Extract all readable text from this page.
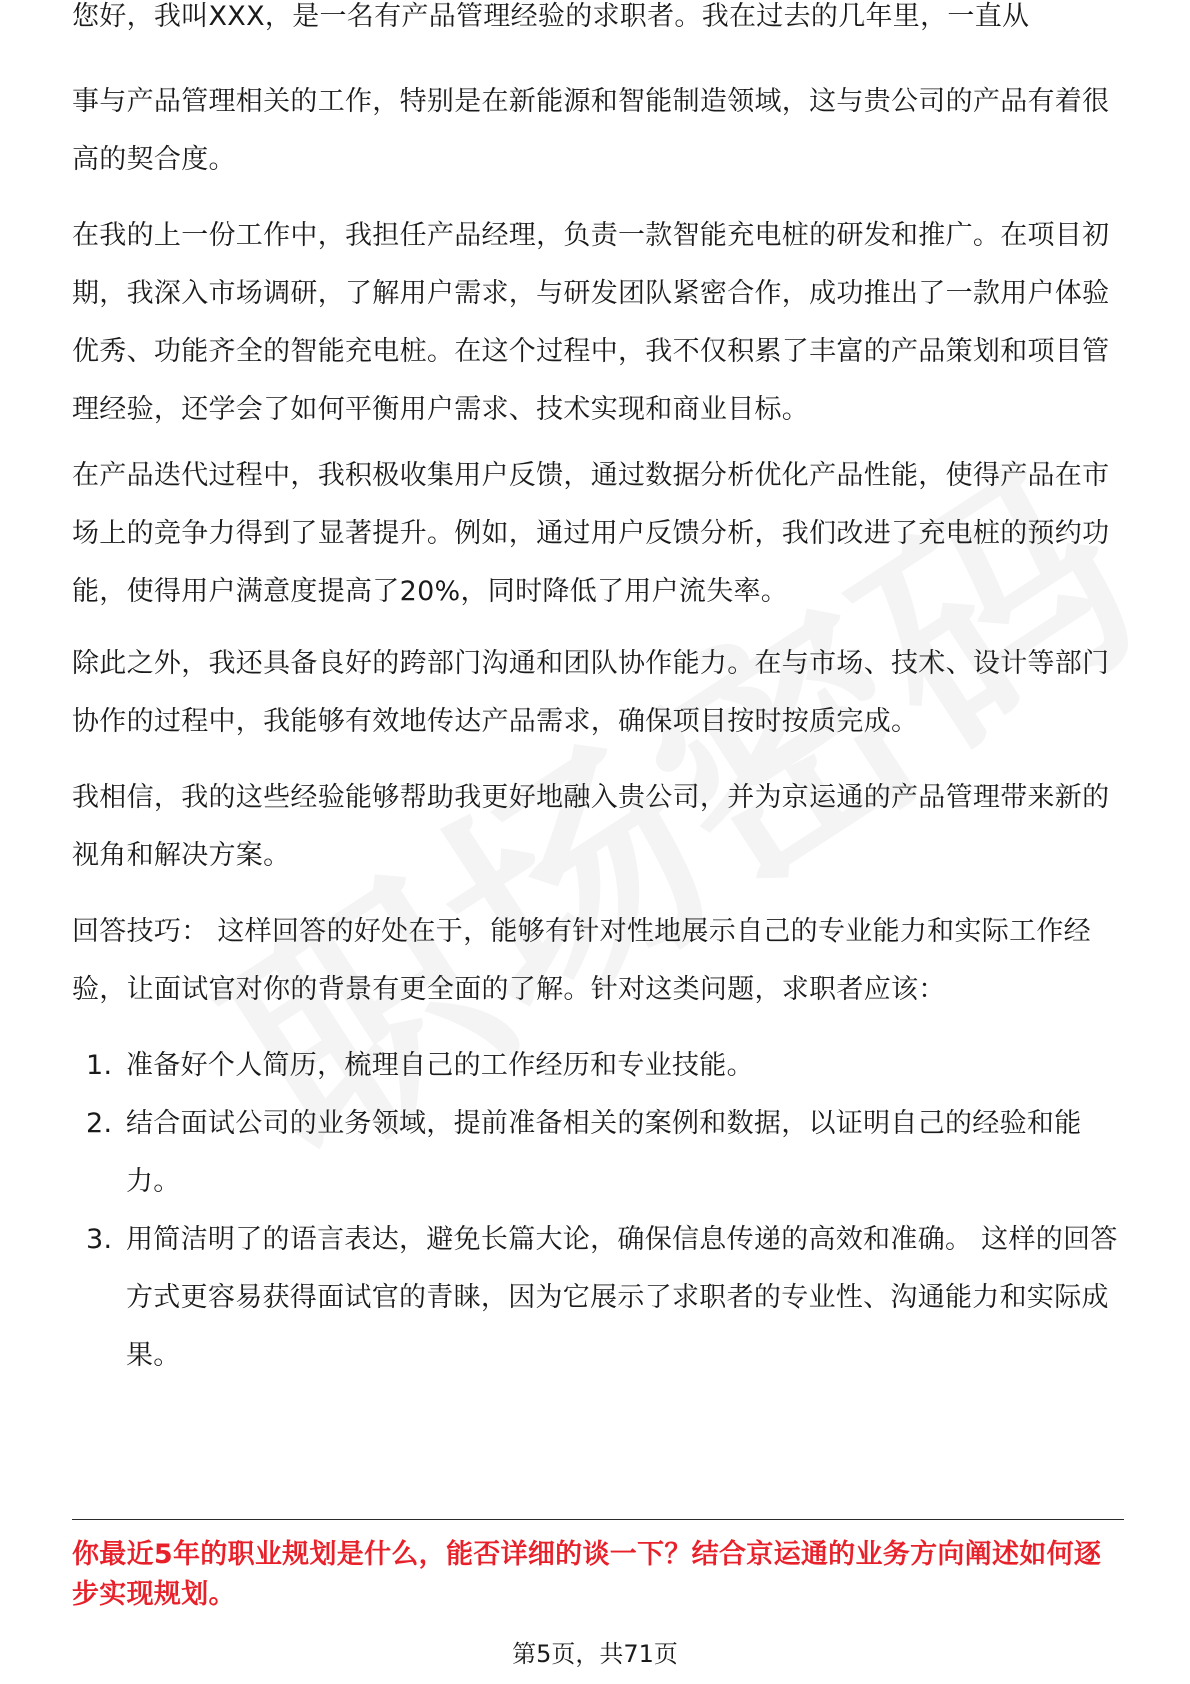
您好，我叫XXX，是一名有产品管理经验的求职者。我在过去的几年里，一直从

事与产品管理相关的工作，特别是在新能源和智能制造领域，这与贵公司的产品有着很高的契合度。

在我的上一份工作中，我担任产品经理，负责一款智能充电桩的研发和推广。在项目初期，我深入市场调研，了解用户需求，与研发团队紧密合作，成功推出了一款用户体验优秀、功能齐全的智能充电桩。在这个过程中，我不仅积累了丰富的产品策划和项目管理经验，还学会了如何平衡用户需求、技术实现和商业目标。

在产品迭代过程中，我积极收集用户反馈，通过数据分析优化产品性能，使得产品在市场上的竞争力得到了显著提升。例如，通过用户反馈分析，我们改进了充电桩的预约功能，使得用户满意度提高了20%，同时降低了用户流失率。

除此之外，我还具备良好的跨部门沟通和团队协作能力。在与市场、技术、设计等部门协作的过程中，我能够有效地传达产品需求，确保项目按时按质完成。

我相信，我的这些经验能够帮助我更好地融入贵公司，并为京运通的产品管理带来新的视角和解决方案。

回答技巧： 这样回答的好处在于，能够有针对性地展示自己的专业能力和实际工作经验，让面试官对你的背景有更全面的了解。针对这类问题，求职者应该：

1. 准备好个人简历，梳理自己的工作经历和专业技能。
2. 结合面试公司的业务领域，提前准备相关的案例和数据，以证明自己的经验和能力。
3. 用简洁明了的语言表达，避免长篇大论，确保信息传递的高效和准确。 这样的回答方式更容易获得面试官的青睐，因为它展示了求职者的专业性、沟通能力和实际成果。

你最近5年的职业规划是什么，能否详细的谈一下？结合京运通的业务方向阐述如何逐步实现规划。

第5页，共71页
